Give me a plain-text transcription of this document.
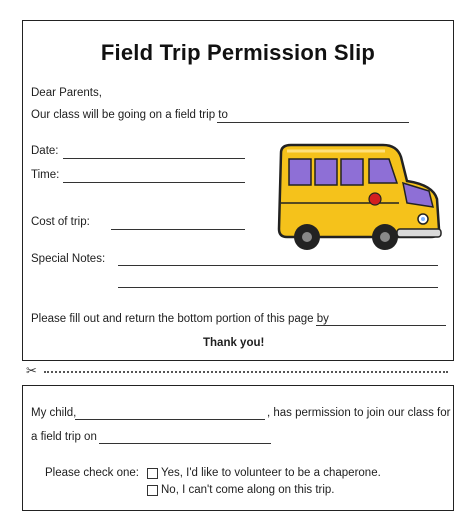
Field Trip Permission Slip
Dear Parents,
Our class will be going on a field trip to
Date:
Time:
Cost of trip:
Special Notes:
Please fill out and return the bottom portion of this page by
Thank you!
✂
My child,	, has permission to join our class for
a field trip on
Please check one: Yes, I'd like to volunteer to be a chaperone.
No, I can't come along on this trip.
